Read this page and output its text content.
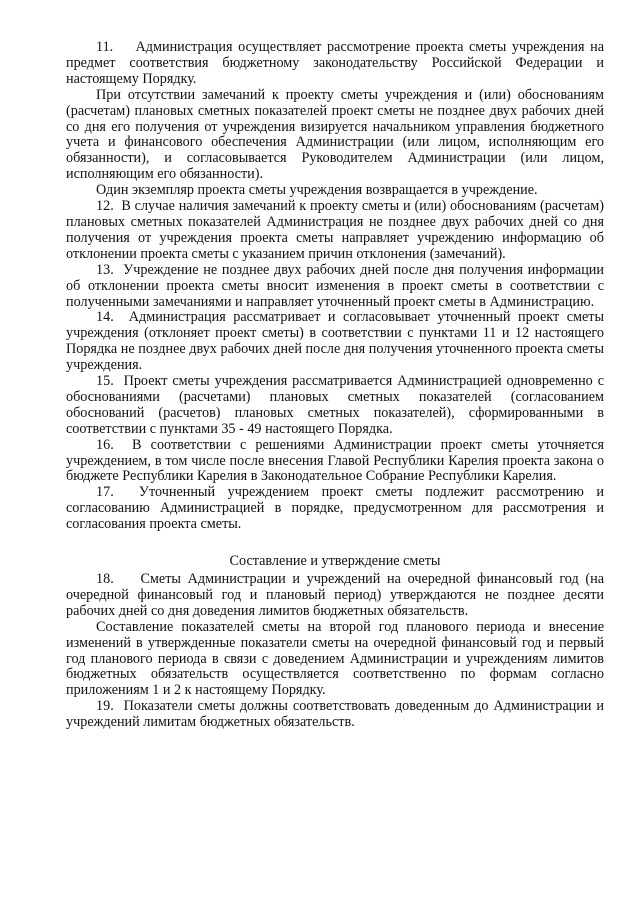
11.    Администрация осуществляет рассмотрение проекта сметы учреждения на предмет соответствия бюджетному законодательству Российской Федерации и настоящему Порядку.

При отсутствии замечаний к проекту сметы учреждения и (или) обоснованиям (расчетам) плановых сметных показателей проект сметы не позднее двух рабочих дней со дня его получения от учреждения визируется начальником управления бюджетного учета и финансового обеспечения Администрации (или лицом, исполняющим его обязанности), и согласовывается Руководителем Администрации (или лицом, исполняющим его обязанности).

Один экземпляр проекта сметы учреждения возвращается в учреждение.

12.  В случае наличия замечаний к проекту сметы и (или) обоснованиям (расчетам) плановых сметных показателей Администрация не позднее двух рабочих дней со дня получения от учреждения проекта сметы направляет учреждению информацию об отклонении проекта сметы с указанием причин отклонения (замечаний).

13.  Учреждение не позднее двух рабочих дней после дня получения информации об отклонении проекта сметы вносит изменения в проект сметы в соответствии с полученными замечаниями и направляет уточненный проект сметы в Администрацию.

14.  Администрация рассматривает и согласовывает уточненный проект сметы учреждения (отклоняет проект сметы) в соответствии с пунктами 11 и 12 настоящего Порядка не позднее двух рабочих дней после дня получения уточненного проекта сметы учреждения.

15.  Проект сметы учреждения рассматривается Администрацией одновременно с обоснованиями (расчетами) плановых сметных показателей (согласованием обоснований (расчетов) плановых сметных показателей), сформированными в соответствии с пунктами 35 - 49 настоящего Порядка.

16.  В соответствии с решениями Администрации проект сметы уточняется учреждением, в том числе после внесения Главой Республики Карелия проекта закона о бюджете Республики Карелия в Законодательное Собрание Республики Карелия.

17.  Уточненный учреждением проект сметы подлежит рассмотрению и согласованию Администрацией в порядке, предусмотренном для рассмотрения и согласования проекта сметы.

Составление и утверждение сметы

18.    Сметы Администрации и учреждений на очередной финансовый год (на очередной финансовый год и плановый период) утверждаются не позднее десяти рабочих дней со дня доведения лимитов бюджетных обязательств.

Составление показателей сметы на второй год планового периода и внесение изменений в утвержденные показатели сметы на очередной финансовый год и первый год планового периода в связи с доведением Администрации и учреждениям лимитов бюджетных обязательств осуществляется соответственно по формам согласно приложениям 1 и 2 к настоящему Порядку.

19.  Показатели сметы должны соответствовать доведенным до Администрации и учреждений лимитам бюджетных обязательств.
